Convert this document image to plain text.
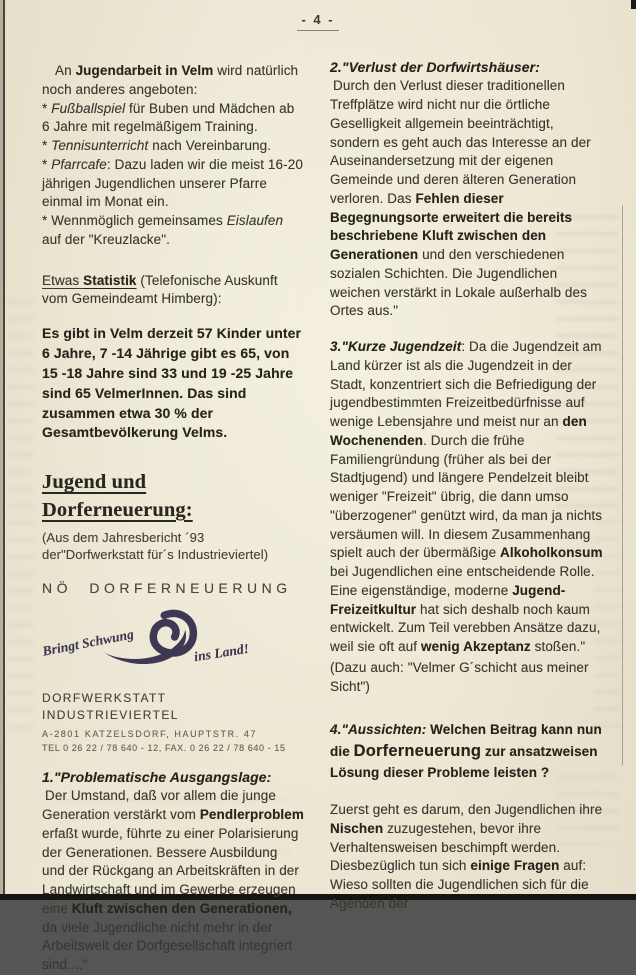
- 4 -

An Jugendarbeit in Velm wird natürlich noch anderes angeboten:

* Fußballspiel für Buben und Mädchen ab 6 Jahre mit regelmäßigem Training.

* Tennisunterricht nach Vereinbarung.

* Pfarrcafe: Dazu laden wir die meist 16-20 jährigen Jugendlichen unserer Pfarre einmal im Monat ein.

* Wennmöglich gemeinsames Eislaufen auf der "Kreuzlacke".

Etwas Statistik (Telefonische Auskunft vom Gemeindeamt Himberg):

Es gibt in Velm derzeit 57 Kinder unter 6 Jahre, 7 -14 Jährige gibt es 65, von 15 -18 Jahre sind 33 und 19 -25 Jahre sind 65 VelmerInnen. Das sind zusammen etwa 30 % der Gesamtbevölkerung Velms.

Jugend und Dorferneuerung:

(Aus dem Jahresbericht ´93 der"Dorfwerkstatt für´s Industrieviertel)

NÖ DORFERNEUERUNG
Bringt Schwung	ins Land!
DORFWERKSTATT INDUSTRIEVIERTEL
A-2801 KATZELSDORF, HAUPTSTR. 47
TEL 0 26 22 / 78 640 - 12, FAX. 0 26 22 / 78 640 - 15

1."Problematische Ausgangslage:

Der Umstand, daß vor allem die junge Generation verstärkt vom Pendlerproblem erfaßt wurde, führte zu einer Polarisierung der Generationen. Bessere Ausbildung und der Rückgang an Arbeitskräften in der Landwirtschaft und im Gewerbe erzeugen eine Kluft zwischen den Generationen, da viele Jugendliche nicht mehr in der Arbeitswelt der Dorfgesellschaft integriert sind...."

2."Verlust der Dorfwirtshäuser:

Durch den Verlust dieser traditionellen Treffplätze wird nicht nur die örtliche Geselligkeit allgemein beeinträchtigt, sondern es geht auch das Interesse an der Auseinandersetzung mit der eigenen Gemeinde und deren älteren Generation verloren. Das Fehlen dieser Begegnungsorte erweitert die bereits beschriebene Kluft zwischen den Generationen und den verschiedenen sozialen Schichten. Die Jugendlichen weichen verstärkt in Lokale außerhalb des Ortes aus."

3."Kurze Jugendzeit: Da die Jugendzeit am Land kürzer ist als die Jugendzeit in der Stadt, konzentriert sich die Befriedigung der jugendbestimmten Freizeitbedürfnisse auf wenige Lebensjahre und meist nur an den Wochenenden. Durch die frühe Familiengründung (früher als bei der Stadtjugend) und längere Pendelzeit bleibt weniger "Freizeit" übrig, die dann umso "überzogener" genützt wird, da man ja nichts versäumen will. In diesem Zusammenhang spielt auch der übermäßige Alkoholkonsum bei Jugendlichen eine entscheidende Rolle. Eine eigenständige, moderne Jugend-Freizeitkultur hat sich deshalb noch kaum entwickelt. Zum Teil verebben Ansätze dazu, weil sie oft auf wenig Akzeptanz stoßen."

(Dazu auch: "Velmer G´schicht aus meiner Sicht")

4."Aussichten: Welchen Beitrag kann nun die Dorferneuerung zur ansatzweisen Lösung dieser Probleme leisten ?

Zuerst geht es darum, den Jugendlichen ihre Nischen zuzugestehen, bevor ihre Verhaltensweisen beschimpft werden. Diesbezüglich tun sich einige Fragen auf: Wieso sollten die Jugendlichen sich für die Agenden der
